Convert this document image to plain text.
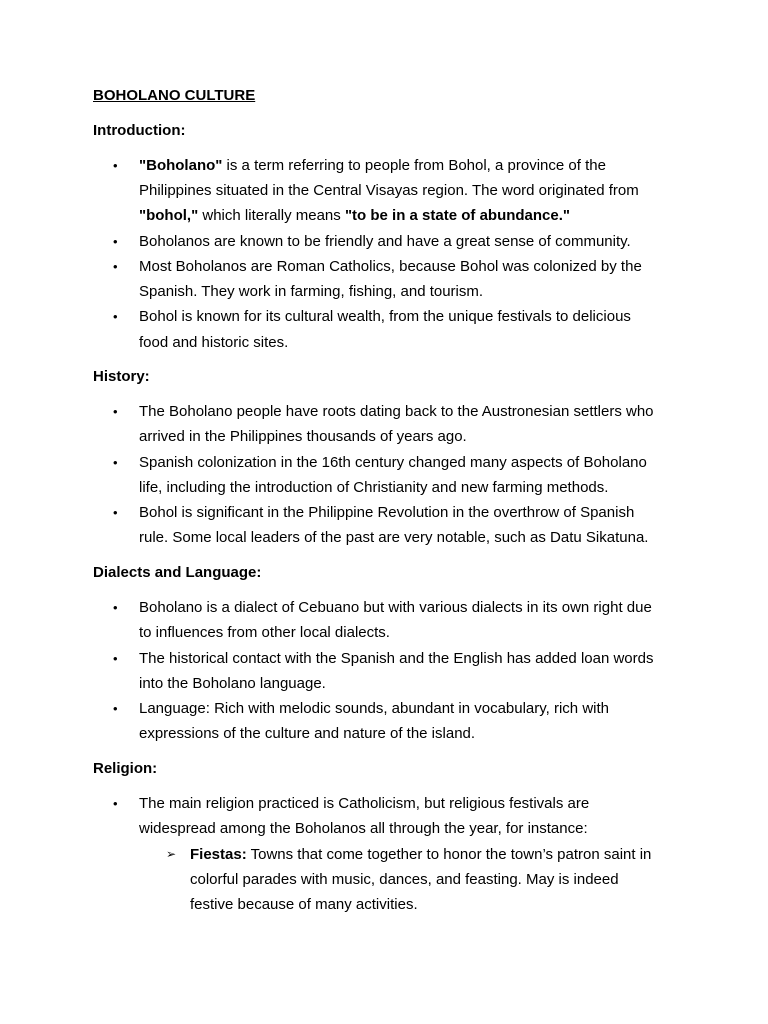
BOHOLANO CULTURE
Introduction:
• "Boholano" is a term referring to people from Bohol, a province of the
Philippines situated in the Central Visayas region. The word originated from
"bohol," which literally means "to be in a state of abundance."
• Boholanos are known to be friendly and have a great sense of community.
• Most Boholanos are Roman Catholics, because Bohol was colonized by the
Spanish. They work in farming, fishing, and tourism.
• Bohol is known for its cultural wealth, from the unique festivals to delicious
food and historic sites.
History:
• The Boholano people have roots dating back to the Austronesian settlers who
arrived in the Philippines thousands of years ago.
• Spanish colonization in the 16th century changed many aspects of Boholano
life, including the introduction of Christianity and new farming methods.
• Bohol is significant in the Philippine Revolution in the overthrow of Spanish
rule. Some local leaders of the past are very notable, such as Datu Sikatuna.
Dialects and Language:
• Boholano is a dialect of Cebuano but with various dialects in its own right due
to influences from other local dialects.
• The historical contact with the Spanish and the English has added loan words
into the Boholano language.
• Language: Rich with melodic sounds, abundant in vocabulary, rich with
expressions of the culture and nature of the island.
Religion:
• The main religion practiced is Catholicism, but religious festivals are
widespread among the Boholanos all through the year, for instance:
➢ Fiestas: Towns that come together to honor the town’s patron saint in
colorful parades with music, dances, and feasting. May is indeed
festive because of many activities.
